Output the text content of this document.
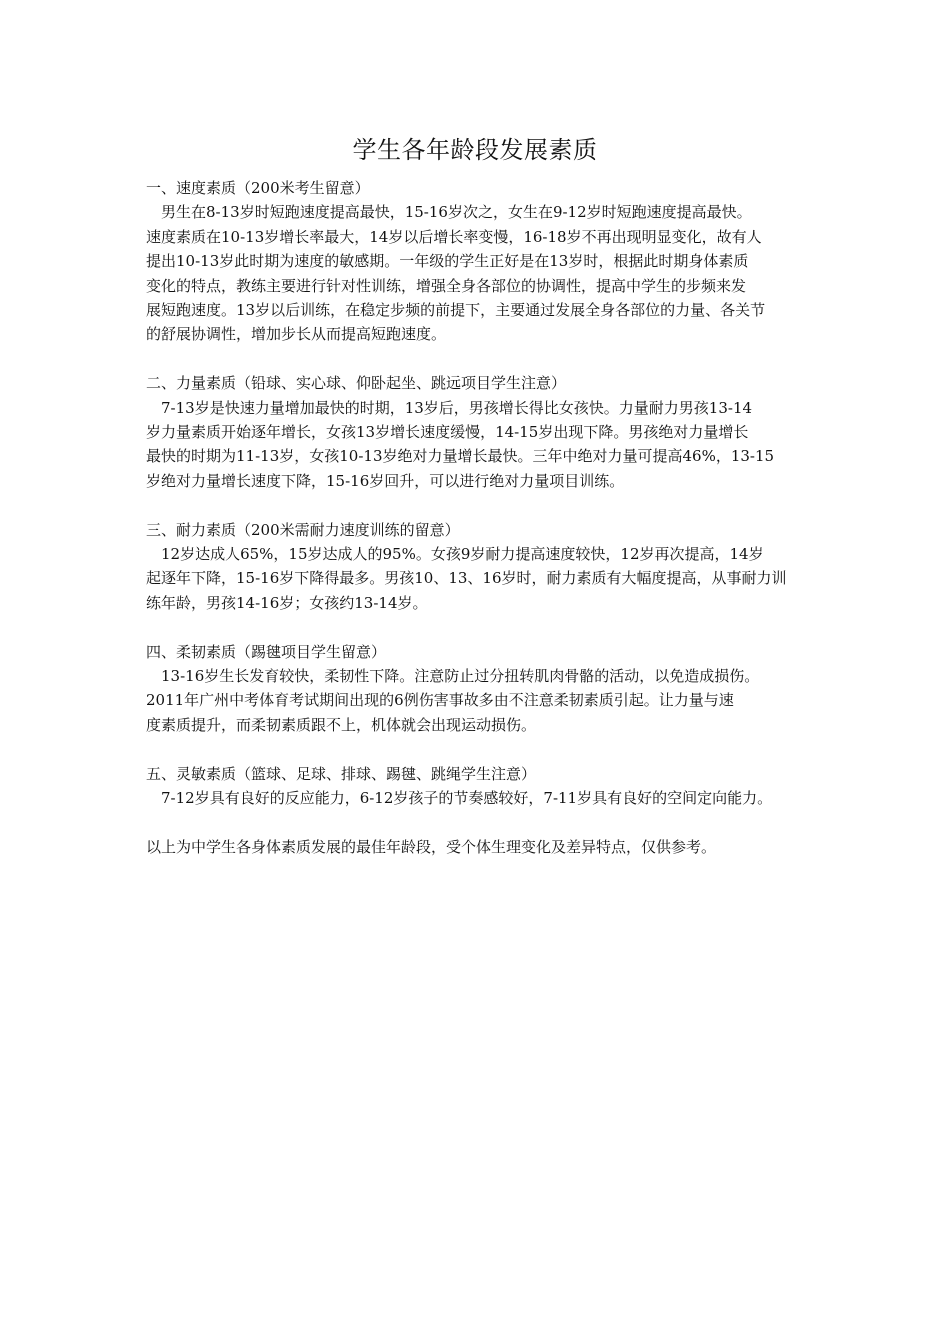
学生各年龄段发展素质

一、速度素质（200米考生留意）

男生在8-13岁时短跑速度提高最快，15-16岁次之，女生在9-12岁时短跑速度提高最快。

速度素质在10-13岁增长率最大，14岁以后增长率变慢，16-18岁不再出现明显变化，故有人

提出10-13岁此时期为速度的敏感期。一年级的学生正好是在13岁时，根据此时期身体素质

变化的特点，教练主要进行针对性训练，增强全身各部位的协调性，提高中学生的步频来发

展短跑速度。13岁以后训练，在稳定步频的前提下，主要通过发展全身各部位的力量、各关节

的舒展协调性，增加步长从而提高短跑速度。

二、力量素质（铅球、实心球、仰卧起坐、跳远项目学生注意）

7-13岁是快速力量增加最快的时期，13岁后，男孩增长得比女孩快。力量耐力男孩13-14

岁力量素质开始逐年增长，女孩13岁增长速度缓慢，14-15岁出现下降。男孩绝对力量增长

最快的时期为11-13岁，女孩10-13岁绝对力量增长最快。三年中绝对力量可提高46%，13-15

岁绝对力量增长速度下降，15-16岁回升，可以进行绝对力量项目训练。

三、耐力素质（200米需耐力速度训练的留意）

12岁达成人65%，15岁达成人的95%。女孩9岁耐力提高速度较快，12岁再次提高，14岁

起逐年下降，15-16岁下降得最多。男孩10、13、16岁时，耐力素质有大幅度提高，从事耐力训

练年龄，男孩14-16岁；女孩约13-14岁。

四、柔韧素质（踢毽项目学生留意）

13-16岁生长发育较快，柔韧性下降。注意防止过分扭转肌肉骨骼的活动，以免造成损伤。

2011年广州中考体育考试期间出现的6例伤害事故多由不注意柔韧素质引起。让力量与速

度素质提升，而柔韧素质跟不上，机体就会出现运动损伤。

五、灵敏素质（篮球、足球、排球、踢毽、跳绳学生注意）

7-12岁具有良好的反应能力，6-12岁孩子的节奏感较好，7-11岁具有良好的空间定向能力。

以上为中学生各身体素质发展的最佳年龄段，受个体生理变化及差异特点，仅供参考。
